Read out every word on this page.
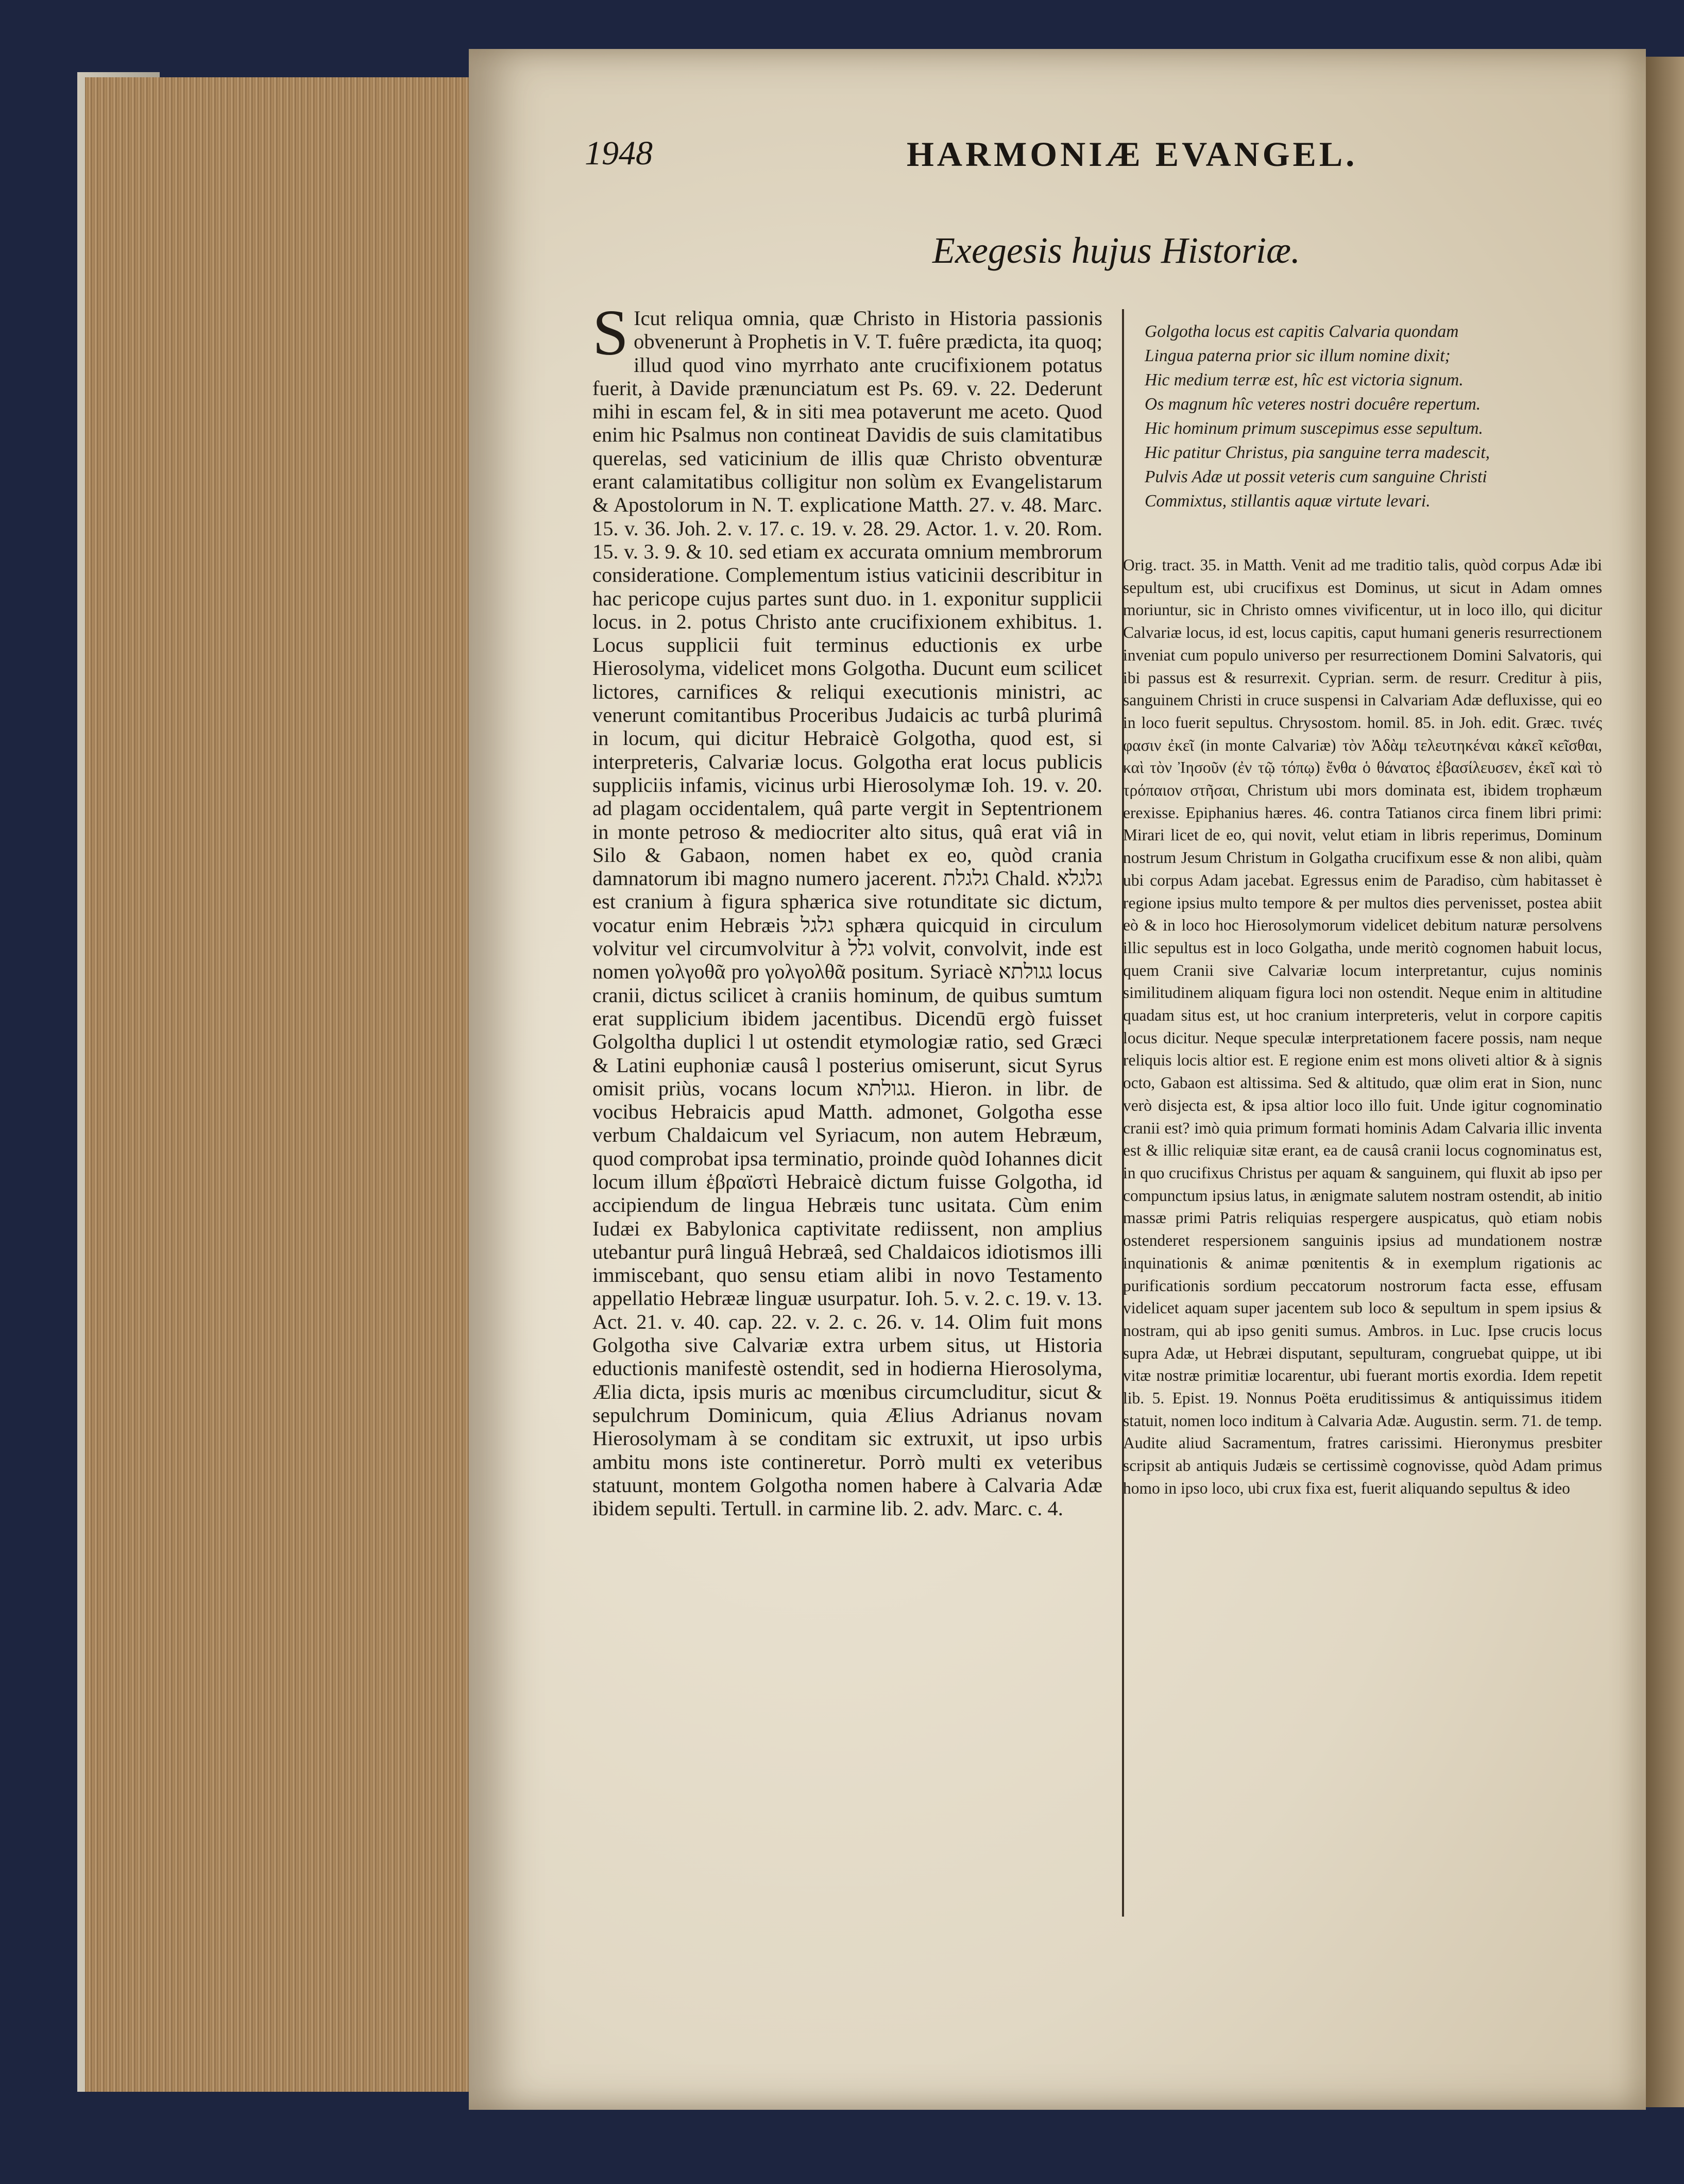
1948	HARMONIÆ EVANGEL.
Exegesis hujus Historiæ.
S Icut reliqua omnia, quæ Christo in Historia passionis obvenerunt à Prophetis in V. T. fuêre prædicta, ita quoq; illud quod vino myrrhato ante crucifixionem potatus fuerit, à Davide prænunciatum est Ps. 69. v. 22. Dederunt mihi in escam fel, & in siti mea potaverunt me aceto. Quod enim hic Psalmus non contineat Davidis de suis clamitatibus querelas, sed vaticinium de illis quæ Christo obventuræ erant calamitatibus colligitur non solùm ex Evangelistarum & Apostolorum in N. T. explicatione Matth. 27. v. 48. Marc. 15. v. 36. Joh. 2. v. 17. c. 19. v. 28. 29. Actor. 1. v. 20. Rom. 15. v. 3. 9. & 10. sed etiam ex accurata omnium membrorum consideratione. Complementum istius vaticinii describitur in hac pericope cujus partes sunt duo. in 1. exponitur supplicii locus. in 2. potus Christo ante crucifixionem exhibitus. 1. Locus supplicii fuit terminus eductionis ex urbe Hierosolyma, videlicet mons Golgotha. Ducunt eum scilicet lictores, carnifices & reliqui executionis ministri, ac venerunt comitantibus Proceribus Judaicis ac turbâ plurimâ in locum, qui dicitur Hebraicè Golgotha, quod est, si interpreteris, Calvariæ locus. Golgotha erat locus publicis suppliciis infamis, vicinus urbi Hierosolymæ Ioh. 19. v. 20. ad plagam occidentalem, quâ parte vergit in Septentrionem in monte petroso & mediocriter alto situs, quâ erat viâ in Silo & Gabaon, nomen habet ex eo, quòd crania damnatorum ibi magno numero jacerent. גלגלת Chald. גלגלא est cranium à figura sphærica sive rotunditate sic dictum, vocatur enim Hebræis גלגל sphæra quicquid in circulum volvitur vel circumvolvitur à גלל volvit, convolvit, inde est nomen γολγοθᾶ pro γολγολθᾶ positum. Syriacè גגולתא locus cranii, dictus scilicet à craniis hominum, de quibus sumtum erat supplicium ibidem jacentibus. Dicendū ergò fuisset Golgoltha duplici l ut ostendit etymologiæ ratio, sed Græci & Latini euphoniæ causâ l posterius omiserunt, sicut Syrus omisit priùs, vocans locum גגולתא. Hieron. in libr. de vocibus Hebraicis apud Matth. admonet, Golgotha esse verbum Chaldaicum vel Syriacum, non autem Hebræum, quod comprobat ipsa terminatio, proinde quòd Iohannes dicit locum illum ἑβραϊστὶ Hebraicè dictum fuisse Golgotha, id accipiendum de lingua Hebræis tunc usitata. Cùm enim Iudæi ex Babylonica captivitate rediissent, non amplius utebantur purâ linguâ Hebræâ, sed Chaldaicos idiotismos illi immiscebant, quo sensu etiam alibi in novo Testamento appellatio Hebrææ linguæ usurpatur. Ioh. 5. v. 2. c. 19. v. 13. Act. 21. v. 40. cap. 22. v. 2. c. 26. v. 14. Olim fuit mons Golgotha sive Calvariæ extra urbem situs, ut Historia eductionis manifestè ostendit, sed in hodierna Hierosolyma, Ælia dicta, ipsis muris ac mœnibus circumcluditur, sicut & sepulchrum Dominicum, quia Ælius Adrianus novam Hierosolymam à se conditam sic extruxit, ut ipso urbis ambitu mons iste contineretur. Porrò multi ex veteribus statuunt, montem Golgotha nomen habere à Calvaria Adæ ibidem sepulti. Tertull. in carmine lib. 2. adv. Marc. c. 4.
Golgotha locus est capitis Calvaria quondam
Lingua paterna prior sic illum nomine dixit;
Hic medium terræ est, hîc est victoria signum.
Os magnum hîc veteres nostri docuêre repertum.
Hic hominum primum suscepimus esse sepultum.
Hic patitur Christus, pia sanguine terra madescit,
Pulvis Adæ ut possit veteris cum sanguine Christi
Commixtus, stillantis aquæ virtute levari.
Orig. tract. 35. in Matth. Venit ad me traditio talis, quòd corpus Adæ ibi sepultum est, ubi crucifixus est Dominus, ut sicut in Adam omnes moriuntur, sic in Christo omnes vivificentur, ut in loco illo, qui dicitur Calvariæ locus, id est, locus capitis, caput humani generis resurrectionem inveniat cum populo universo per resurrectionem Domini Salvatoris, qui ibi passus est & resurrexit. Cyprian. serm. de resurr. Creditur à piis, sanguinem Christi in cruce suspensi in Calvariam Adæ defluxisse, qui eo in loco fuerit sepultus. Chrysostom. homil. 85. in Joh. edit. Græc. τινές φασιν ἐκεῖ (in monte Calvariæ) τὸν Ἀδὰμ τελευτηκέναι κἀκεῖ κεῖσθαι, καὶ τὸν Ἰησοῦν (ἐν τῷ τόπῳ) ἔνθα ὁ θάνατος ἐβασίλευσεν, ἐκεῖ καὶ τὸ τρόπαιον στῆσαι, Christum ubi mors dominata est, ibidem trophæum erexisse. Epiphanius hæres. 46. contra Tatianos circa finem libri primi: Mirari licet de eo, qui novit, velut etiam in libris reperimus, Dominum nostrum Jesum Christum in Golgatha crucifixum esse & non alibi, quàm ubi corpus Adam jacebat. Egressus enim de Paradiso, cùm habitasset è regione ipsius multo tempore & per multos dies pervenisset, postea abiit eò & in loco hoc Hierosolymorum videlicet debitum naturæ persolvens illic sepultus est in loco Golgatha, unde meritò cognomen habuit locus, quem Cranii sive Calvariæ locum interpretantur, cujus nominis similitudinem aliquam figura loci non ostendit. Neque enim in altitudine quadam situs est, ut hoc cranium interpreteris, velut in corpore capitis locus dicitur. Neque speculæ interpretationem facere possis, nam neque reliquis locis altior est. E regione enim est mons oliveti altior & à signis octo, Gabaon est altissima. Sed & altitudo, quæ olim erat in Sion, nunc verò disjecta est, & ipsa altior loco illo fuit. Unde igitur cognominatio cranii est? imò quia primum formati hominis Adam Calvaria illic inventa est & illic reliquiæ sitæ erant, ea de causâ cranii locus cognominatus est, in quo crucifixus Christus per aquam & sanguinem, qui fluxit ab ipso per compunctum ipsius latus, in ænigmate salutem nostram ostendit, ab initio massæ primi Patris reliquias respergere auspicatus, quò etiam nobis ostenderet respersionem sanguinis ipsius ad mundationem nostræ inquinationis & animæ pœnitentis & in exemplum rigationis ac purificationis sordium peccatorum nostrorum facta esse, effusam videlicet aquam super jacentem sub loco & sepultum in spem ipsius & nostram, qui ab ipso geniti sumus. Ambros. in Luc. Ipse crucis locus supra Adæ, ut Hebræi disputant, sepulturam, congruebat quippe, ut ibi vitæ nostræ primitiæ locarentur, ubi fuerant mortis exordia. Idem repetit lib. 5. Epist. 19. Nonnus Poëta eruditissimus & antiquissimus itidem statuit, nomen loco inditum à Calvaria Adæ. Augustin. serm. 71. de temp. Audite aliud Sacramentum, fratres carissimi. Hieronymus presbiter scripsit ab antiquis Judæis se certissimè cognovisse, quòd Adam primus homo in ipso loco, ubi crux fixa est, fuerit aliquando sepultus & ideo
